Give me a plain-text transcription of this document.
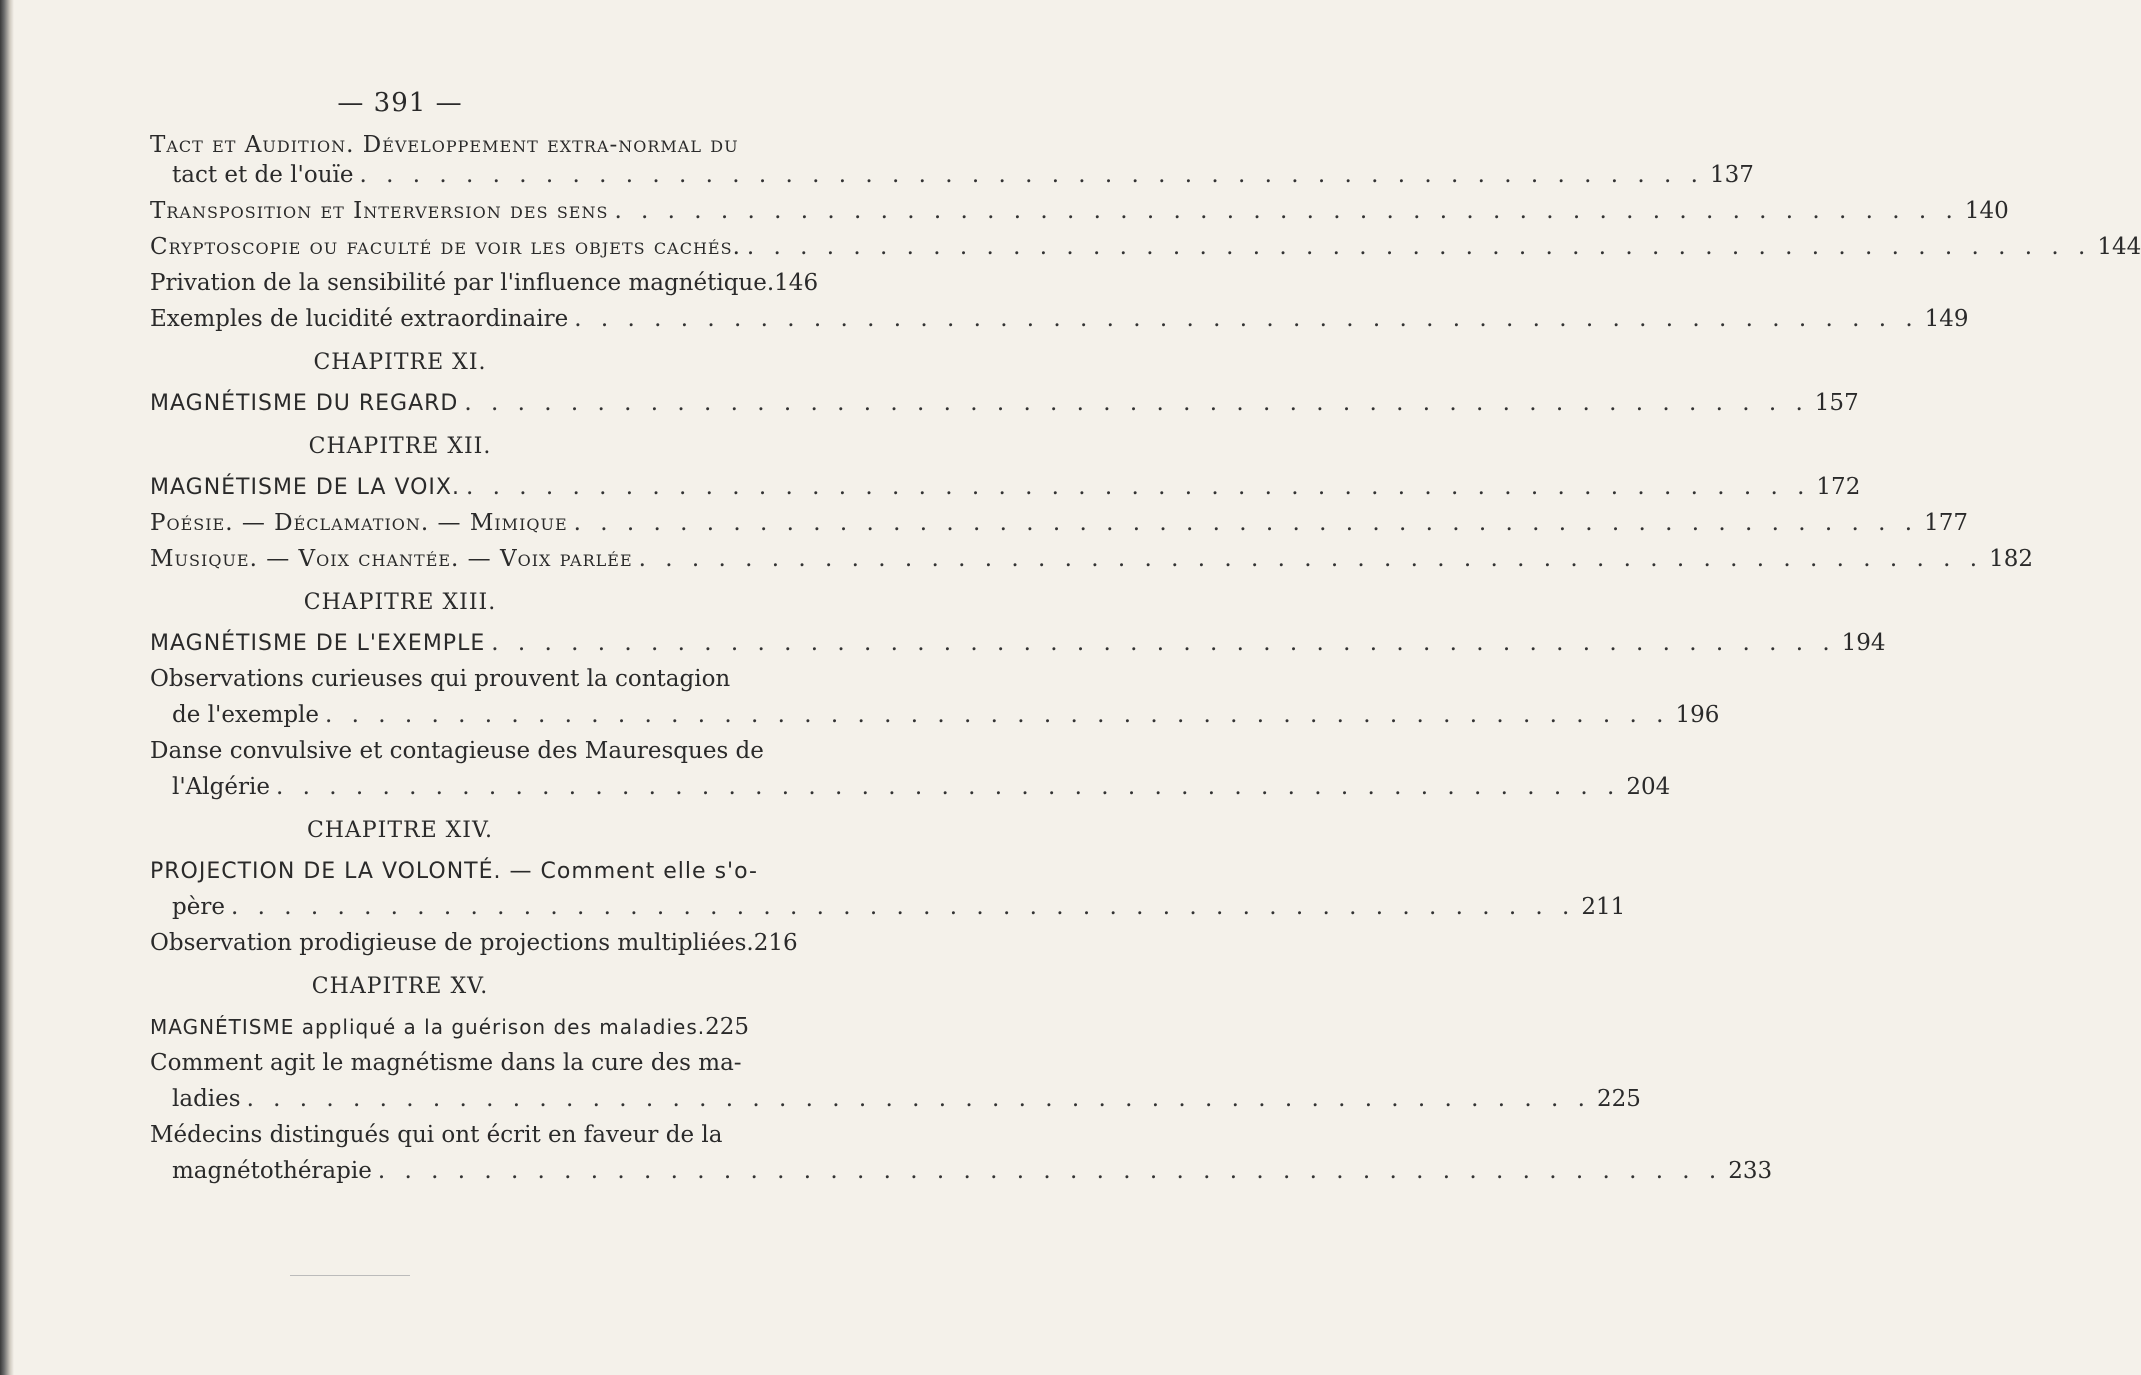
— 391 —
Tact et Audition. Développement extra-normal du
tact et de l'ouïe . . .	137
Transposition et Interversion des sens . . .	140
Cryptoscopie ou faculté de voir les objets cachés. . . .	144
Privation de la sensibilité par l'influence magnétique. 146
Exemples de lucidité extraordinaire . . .	149
CHAPITRE XI.
MAGNÉTISME DU REGARD . . .	157
CHAPITRE XII.
MAGNÉTISME DE LA VOIX. . . .	172
Poésie. — Déclamation. — Mimique . . .	177
Musique. — Voix chantée. — Voix parlée . . .	182
CHAPITRE XIII.
MAGNÉTISME DE L'EXEMPLE . . .	194
Observations curieuses qui prouvent la contagion
de l'exemple . . .	196
Danse convulsive et contagieuse des Mauresques de
l'Algérie . . .	204
CHAPITRE XIV.
PROJECTION DE LA VOLONTÉ. — Comment elle s'o-
père . . .	211
Observation prodigieuse de projections multipliées. 216
CHAPITRE XV.
MAGNÉTISME appliqué a la guérison des maladies. 225
Comment agit le magnétisme dans la cure des ma-
ladies . . .	225
Médecins distingués qui ont écrit en faveur de la
magnétothérapie . . .	233
